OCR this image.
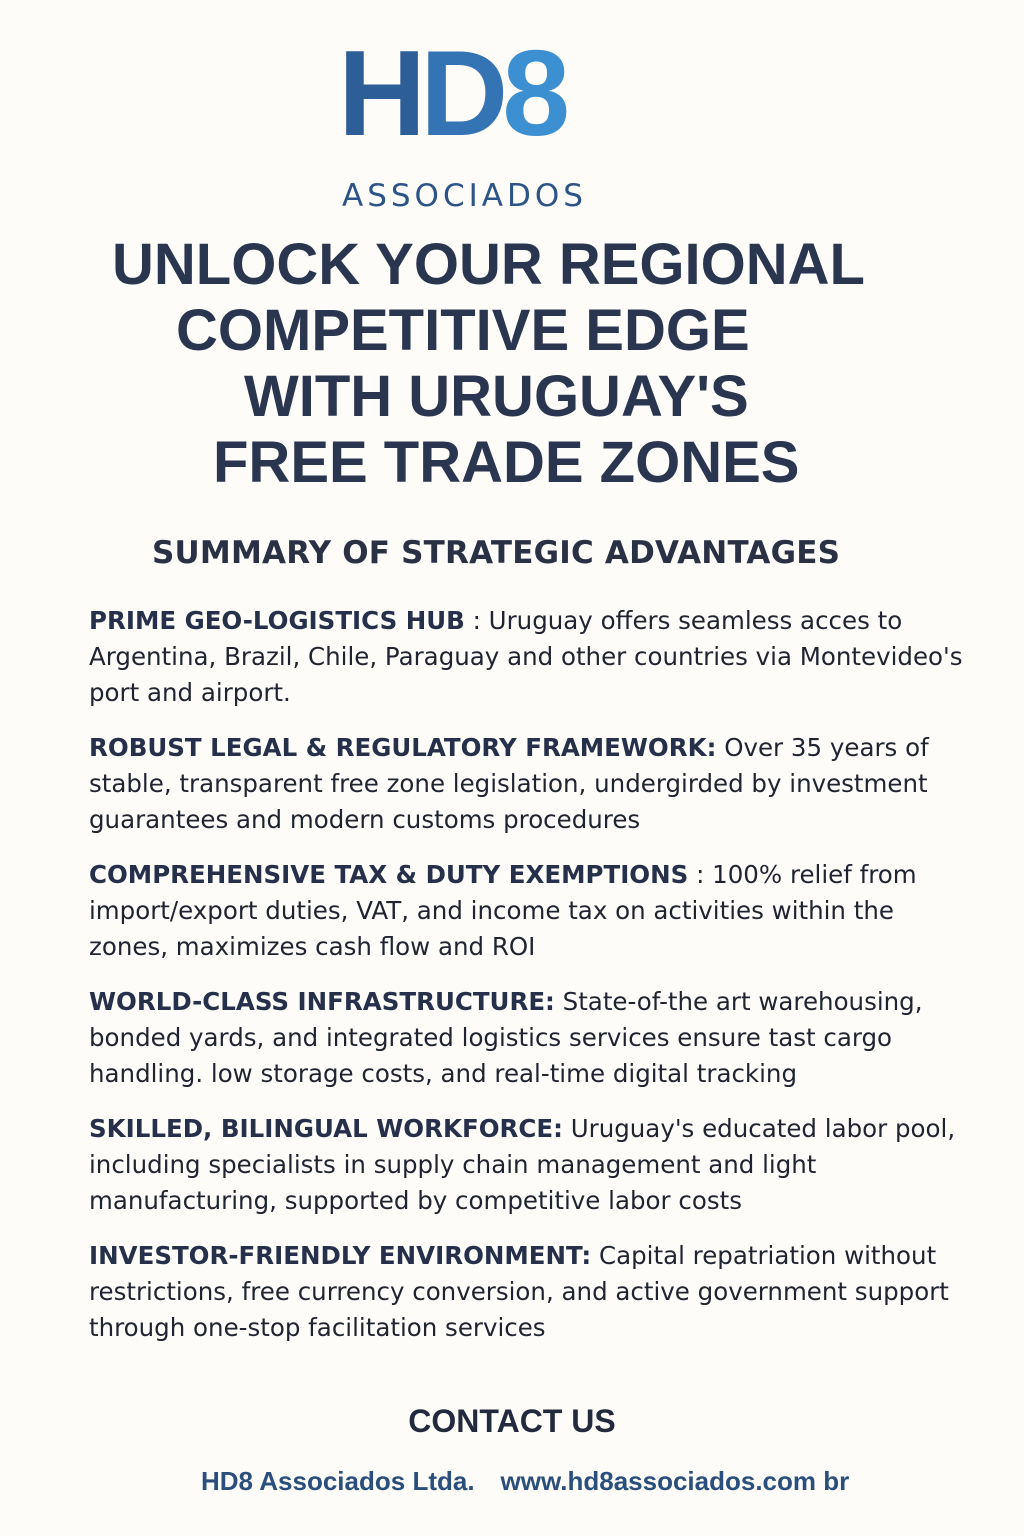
HD8
ASSOCIADOS
UNLOCK YOUR REGIONAL
COMPETITIVE EDGE
WITH URUGUAY'S
FREE TRADE ZONES
SUMMARY OF STRATEGIC ADVANTAGES
PRIME GEO-LOGISTICS HUB : Uruguay offers seamless acces to Argentina, Brazil, Chile, Paraguay and other countries via Montevideo's port and airport.
ROBUST LEGAL & REGULATORY FRAMEWORK: Over 35 years of stable, transparent free zone legislation, undergirded by investment guarantees and modern customs procedures
COMPREHENSIVE TAX & DUTY EXEMPTIONS : 100% relief from import/export duties, VAT, and income tax on activities within the zones, maximizes cash flow and ROI
WORLD-CLASS INFRASTRUCTURE: State-of-the art warehousing, bonded yards, and integrated logistics services ensure tast cargo handling. low storage costs, and real-time digital tracking
SKILLED, BILINGUAL WORKFORCE: Uruguay's educated labor pool, including specialists in supply chain management and light manufacturing, supported by competitive labor costs
INVESTOR-FRIENDLY ENVIRONMENT: Capital repatriation without restrictions, free currency conversion, and active government support through one-stop facilitation services
CONTACT US
HD8 Associados Ltda. www.hd8associados.com br
